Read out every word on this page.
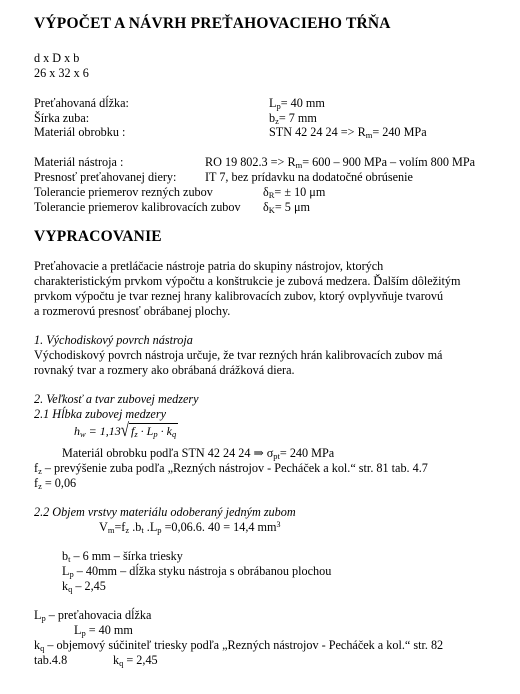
VÝPOČET A NÁVRH PREŤAHOVACIEHO TŔŇA
d x D x b
26 x 32 x 6
Preťahovaná dĺžka:	$L_p= 40$ mm
Šírka zuba:	$b_z= 7$ mm
Materiál obrobku :	STN 42 24 $24 => R_m= 240$ MPa
Materiál nástroja :	RO 19 $802.3 => R_m= 600 - 900$ MPa – volím 800 MPa
Presnosť preťahovanej diery: IT 7, bez prídavku na dodatočné obrúsenie
Tolerancie priemerov rezných zubov	$\delta_R= \pm 10$ μm
Tolerancie priemerov kalibrovacích zubov $\delta_K= 5$ μm
VYPRACOVANIE
Preťahovacie a pretláčacie nástroje patria do skupiny nástrojov, ktorých
charakteristickým prvkom výpočtu a konštrukcie je zubová medzera. Ďalším dôležitým
prvkom výpočtu je tvar reznej hrany kalibrovacích zubov, ktorý ovplyvňuje tvarovú
a rozmerovú presnosť obrábanej plochy.
1. Východiskový povrch nástroja
Východiskový povrch nástroja určuje, že tvar rezných hrán kalibrovacích zubov má
rovnaký tvar a rozmery ako obrábaná drážková diera.
2. Veľkosť a tvar zubovej medzery
2.1 Hĺbka zubovej medzery
$h_w = 1,13√$ $f_z \cdot L_p \cdot k_q$
Materiál obrobku podľa STN 42 24 24 ⇒ $\sigma_{pt}= 240$ MPa
$f_z$ – prevýšenie zuba podľa „Rezných nástrojov - Pecháček a kol.“ str. 81 tab. 4.7
$f_z = 0,06$
2.2 Objem vrstvy materiálu odoberaný jedným zubom
$V_m=f_z$ $.b_t$ $.L_p =0,06.6$. 40 = 14,4 $mm^3$
$b_t - 6$ mm – šírka triesky
$L_p - 40mm$ – dĺžka styku nástroja s obrábanou plochou
$k_q - 2,45$
$L_p$ – preťahovacia dĺžka
$L_p = 40$ mm
$k_q$ – objemový súčiniteľ triesky podľa „Rezných nástrojov - Pecháček a kol.“ str. 82
tab.4.8	$k_q = 2,45$
